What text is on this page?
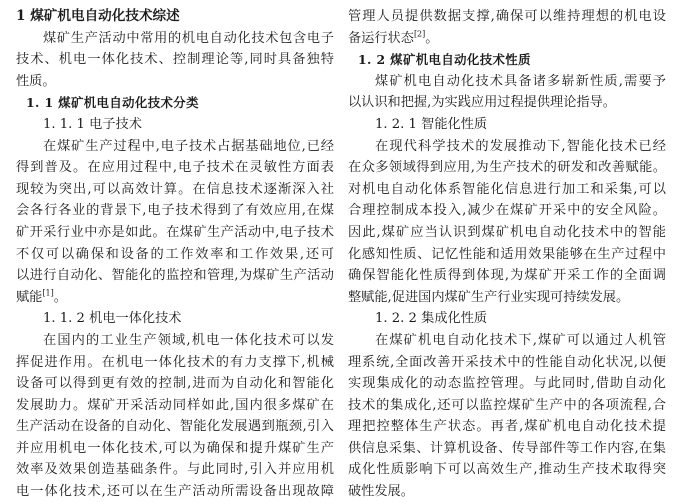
1 煤矿机电自动化技术综述
煤矿生产活动中常用的机电自动化技术包含电子
技术、机电一体化技术、控制理论等,同时具备独特
性质。
1. 1 煤矿机电自动化技术分类
1. 1. 1 电子技术
在煤矿生产过程中,电子技术占据基础地位,已经
得到普及。在应用过程中,电子技术在灵敏性方面表
现较为突出,可以高效计算。在信息技术逐渐深入社
会各行各业的背景下,电子技术得到了有效应用,在煤
矿开采行业中亦是如此。在煤矿生产活动中,电子技术
不仅可以确保和设备的工作效率和工作效果,还可
以进行自动化、智能化的监控和管理,为煤矿生产活动
赋能[1]。
1. 1. 2 机电一体化技术
在国内的工业生产领域,机电一体化技术可以发
挥促进作用。在机电一体化技术的有力支撑下,机械
设备可以得到更有效的控制,进而为自动化和智能化
发展助力。煤矿开采活动同样如此,国内很多煤矿在
生产活动在设备的自动化、智能化发展遇到瓶颈,引入
并应用机电一体化技术,可以为确保和提升煤矿生产
效率及效果创造基础条件。与此同时,引入并应用机
电一体化技术,还可以在生产活动所需设备出现故障
管理人员提供数据支撑,确保可以维持理想的机电设
备运行状态[2]。
1. 2 煤矿机电自动化技术性质
煤矿机电自动化技术具备诸多崭新性质,需要予
以认识和把握,为实践应用过程提供理论指导。
1. 2. 1 智能化性质
在现代科学技术的发展推动下,智能化技术已经
在众多领域得到应用,为生产技术的研发和改善赋能。
对机电自动化体系智能化信息进行加工和采集,可以
合理控制成本投入,减少在煤矿开采中的安全风险。
因此,煤矿应当认识到煤矿机电自动化技术中的智能
化感知性质、记忆性能和适用效果能够在生产过程中
确保智能化性质得到体现,为煤矿开采工作的全面调
整赋能,促进国内煤矿生产行业实现可持续发展。
1. 2. 2 集成化性质
在煤矿机电自动化技术下,煤矿可以通过人机管
理系统,全面改善开采技术中的性能自动化状况,以便
实现集成化的动态监控管理。与此同时,借助自动化
技术的集成化,还可以监控煤矿生产中的各项流程,合
理把控整体生产状态。再者,煤矿机电自动化技术提
供信息采集、计算机设备、传导部件等工作内容,在集
成化性质影响下可以高效生产,推动生产技术取得突
破性发展。
